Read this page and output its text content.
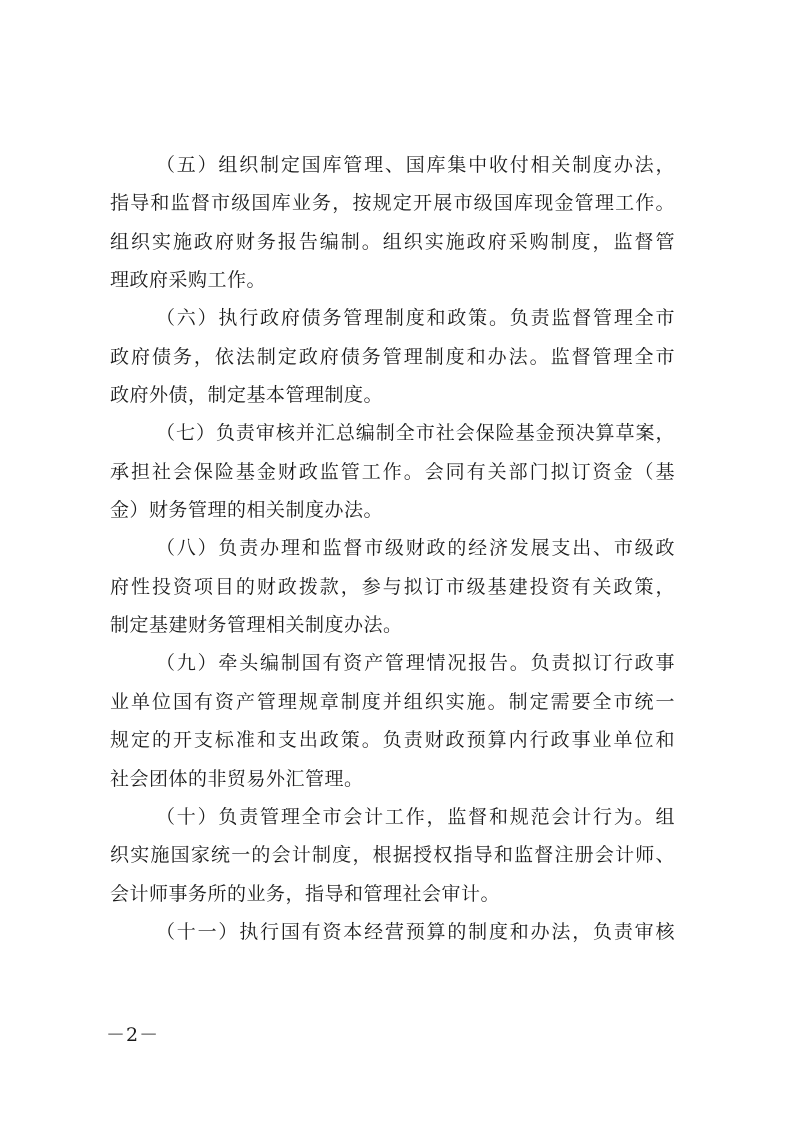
（五）组织制定国库管理、国库集中收付相关制度办法，
指导和监督市级国库业务，按规定开展市级国库现金管理工作。
组织实施政府财务报告编制。组织实施政府采购制度，监督管
理政府采购工作。
（六）执行政府债务管理制度和政策。负责监督管理全市
政府债务，依法制定政府债务管理制度和办法。监督管理全市
政府外债，制定基本管理制度。
（七）负责审核并汇总编制全市社会保险基金预决算草案，
承担社会保险基金财政监管工作。会同有关部门拟订资金（基
金）财务管理的相关制度办法。
（八）负责办理和监督市级财政的经济发展支出、市级政
府性投资项目的财政拨款，参与拟订市级基建投资有关政策，
制定基建财务管理相关制度办法。
（九）牵头编制国有资产管理情况报告。负责拟订行政事
业单位国有资产管理规章制度并组织实施。制定需要全市统一
规定的开支标准和支出政策。负责财政预算内行政事业单位和
社会团体的非贸易外汇管理。
（十）负责管理全市会计工作，监督和规范会计行为。组
织实施国家统一的会计制度，根据授权指导和监督注册会计师、
会计师事务所的业务，指导和管理社会审计。
（十一）执行国有资本经营预算的制度和办法，负责审核
－2－
